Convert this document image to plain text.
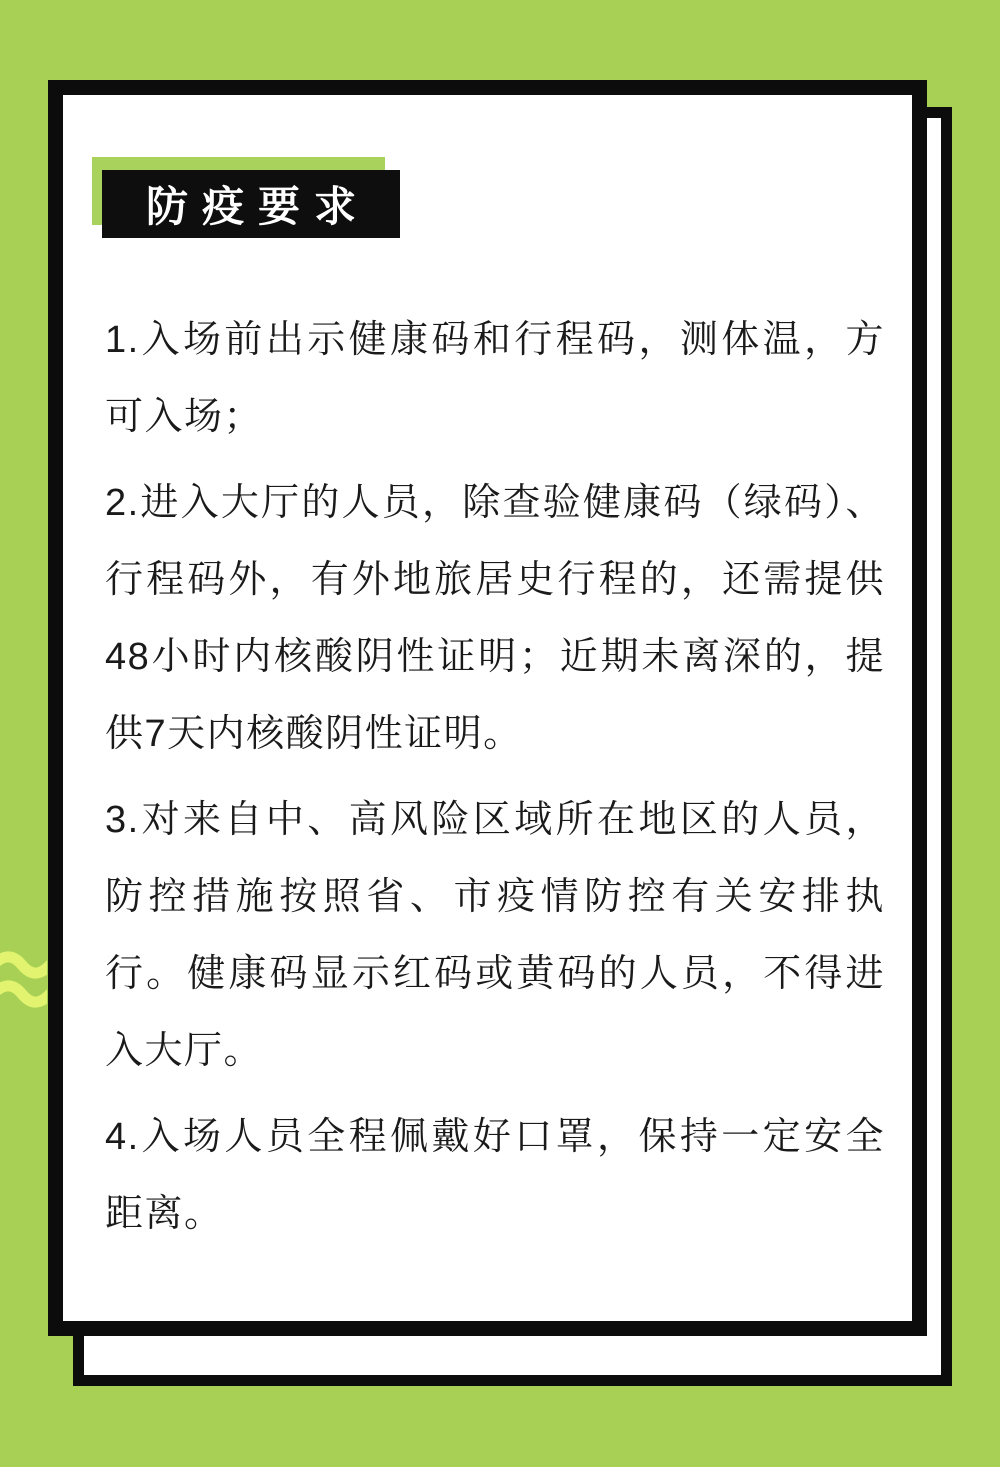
防疫要求

1.入场前出示健康码和行程码，测体温，方可入场；

2.进入大厅的人员，除查验健康码（绿码）、行程码外，有外地旅居史行程的，还需提供48小时内核酸阴性证明；近期未离深的，提供7天内核酸阴性证明。

3.对来自中、高风险区域所在地区的人员，防控措施按照省、市疫情防控有关安排执行。健康码显示红码或黄码的人员，不得进入大厅。

4.入场人员全程佩戴好口罩，保持一定安全距离。
